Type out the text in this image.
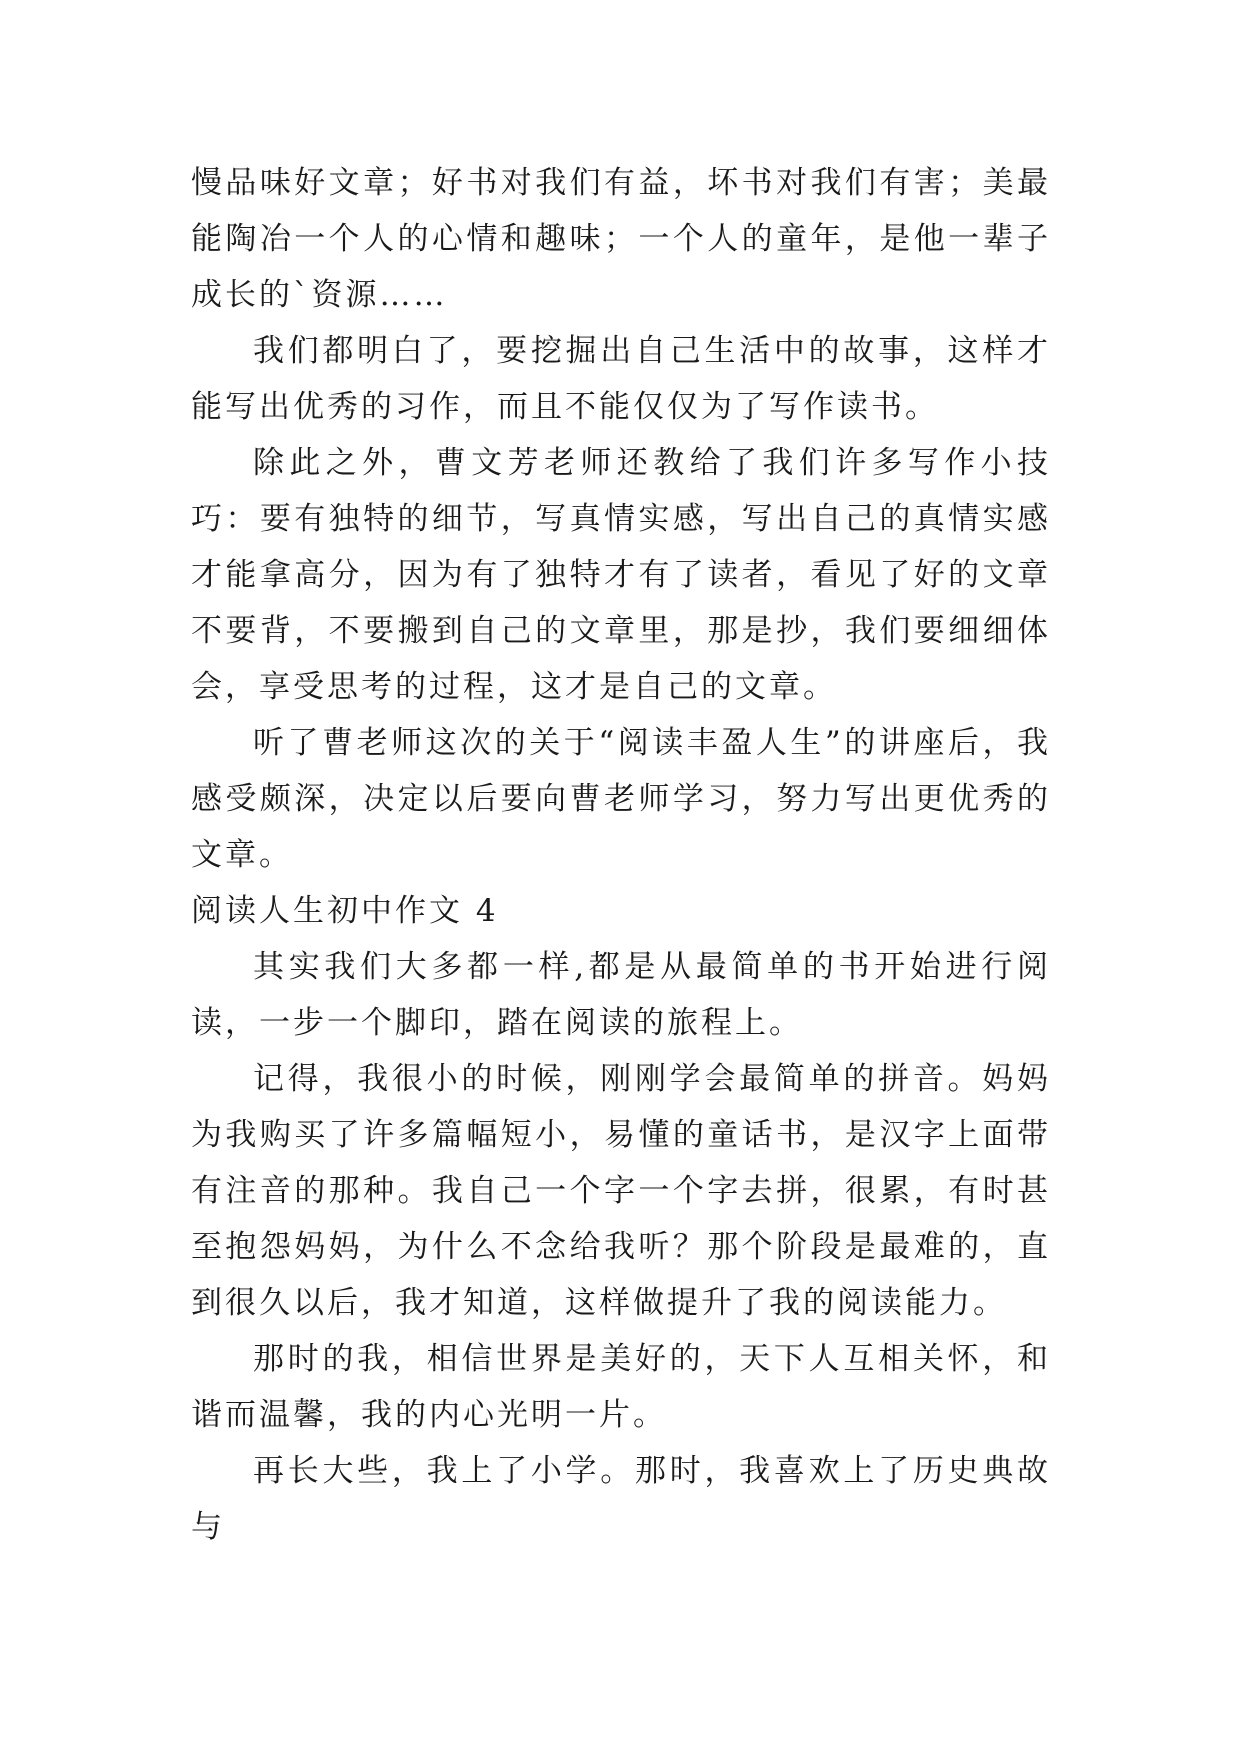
慢品味好文章；好书对我们有益，坏书对我们有害；美最能陶冶一个人的心情和趣味；一个人的童年，是他一辈子成长的`资源……

我们都明白了，要挖掘出自己生活中的故事，这样才能写出优秀的习作，而且不能仅仅为了写作读书。

除此之外，曹文芳老师还教给了我们许多写作小技巧：要有独特的细节，写真情实感，写出自己的真情实感才能拿高分，因为有了独特才有了读者，看见了好的文章不要背，不要搬到自己的文章里，那是抄，我们要细细体会，享受思考的过程，这才是自己的文章。

听了曹老师这次的关于“阅读丰盈人生”的讲座后，我感受颇深，决定以后要向曹老师学习，努力写出更优秀的文章。

阅读人生初中作文 4

其实我们大多都一样,都是从最简单的书开始进行阅读，一步一个脚印，踏在阅读的旅程上。

记得，我很小的时候，刚刚学会最简单的拼音。妈妈为我购买了许多篇幅短小，易懂的童话书，是汉字上面带有注音的那种。我自己一个字一个字去拼，很累，有时甚至抱怨妈妈，为什么不念给我听？那个阶段是最难的，直到很久以后，我才知道，这样做提升了我的阅读能力。

那时的我，相信世界是美好的，天下人互相关怀，和谐而温馨，我的内心光明一片。

再长大些，我上了小学。那时，我喜欢上了历史典故与
